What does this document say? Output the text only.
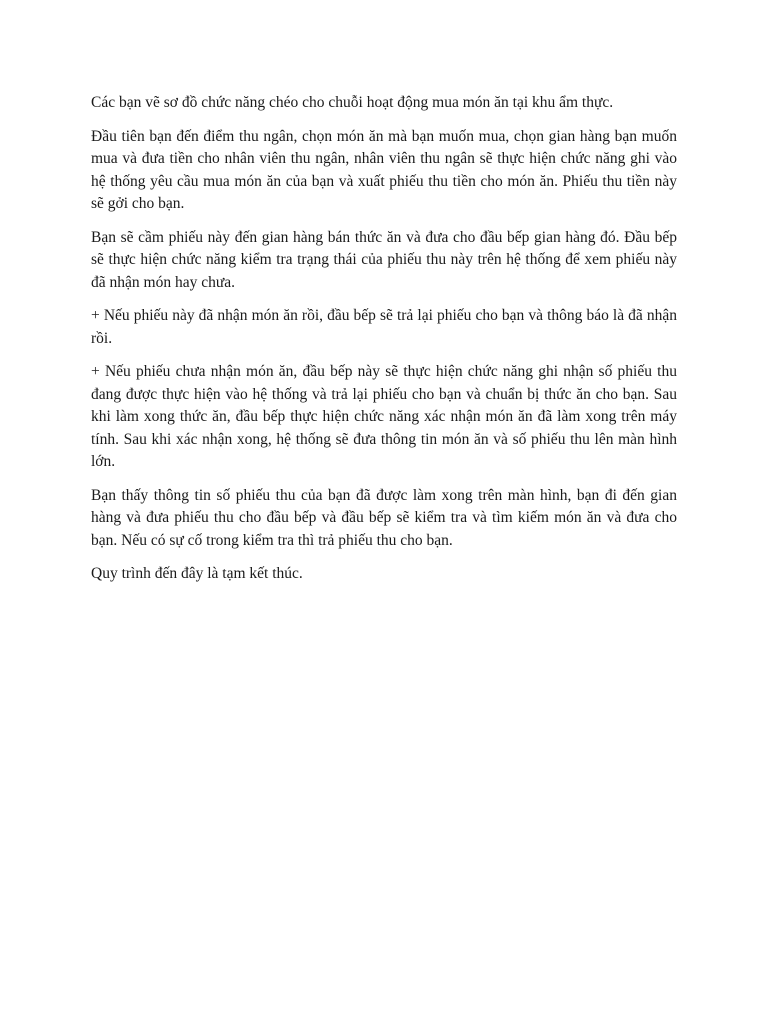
Các bạn vẽ sơ đồ chức năng chéo cho chuỗi hoạt động mua món ăn tại khu ẩm thực.

Đầu tiên bạn đến điểm thu ngân, chọn món ăn mà bạn muốn mua, chọn gian hàng bạn muốn mua và đưa tiền cho nhân viên thu ngân, nhân viên thu ngân sẽ thực hiện chức năng ghi vào hệ thống yêu cầu mua món ăn của bạn và xuất phiếu thu tiền cho món ăn. Phiếu thu tiền này sẽ gởi cho bạn.

Bạn sẽ cầm phiếu này đến gian hàng bán thức ăn và đưa cho đầu bếp gian hàng đó. Đầu bếp sẽ thực hiện chức năng kiểm tra trạng thái của phiếu thu này trên hệ thống để xem phiếu này đã nhận món hay chưa.

+ Nếu phiếu này đã nhận món ăn rồi, đầu bếp sẽ trả lại phiếu cho bạn và thông báo là đã nhận rồi.

+ Nếu phiếu chưa nhận món ăn, đầu bếp này sẽ thực hiện chức năng ghi nhận số phiếu thu đang được thực hiện vào hệ thống và trả lại phiếu cho bạn và chuẩn bị thức ăn cho bạn. Sau khi làm xong thức ăn, đầu bếp thực hiện chức năng xác nhận món ăn đã làm xong trên máy tính. Sau khi xác nhận xong, hệ thống sẽ đưa thông tin món ăn và số phiếu thu lên màn hình lớn.

Bạn thấy thông tin số phiếu thu của bạn đã được làm xong trên màn hình, bạn đi đến gian hàng và đưa phiếu thu cho đầu bếp và đầu bếp sẽ kiểm tra và tìm kiếm món ăn và đưa cho bạn. Nếu có sự cố trong kiểm tra thì trả phiếu thu cho bạn.

Quy trình đến đây là tạm kết thúc.
